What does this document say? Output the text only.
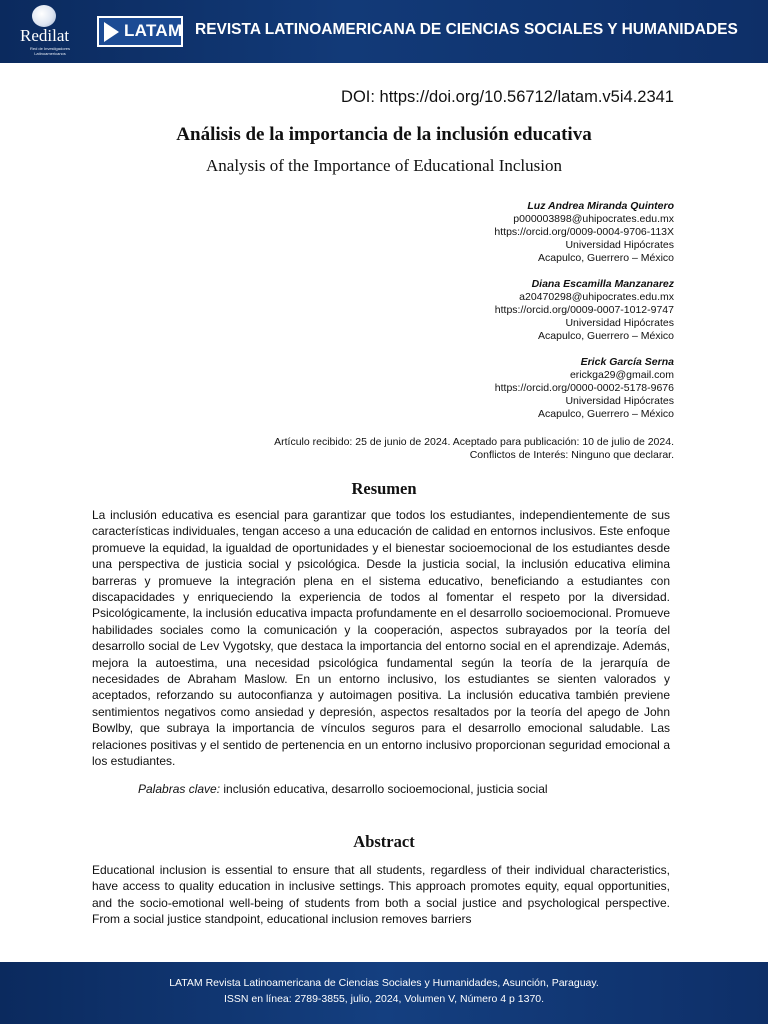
Redilat
Red de Investigadores Latinoamericanos
LATAM REVISTA LATINOAMERICANA DE CIENCIAS SOCIALES Y HUMANIDADES
DOI: https://doi.org/10.56712/latam.v5i4.2341
Análisis de la importancia de la inclusión educativa
Analysis of the Importance of Educational Inclusion
Luz Andrea Miranda Quintero
p000003898@uhipocrates.edu.mx
https://orcid.org/0009-0004-9706-113X
Universidad Hipócrates
Acapulco, Guerrero – México
Diana Escamilla Manzanarez
a20470298@uhipocrates.edu.mx
https://orcid.org/0009-0007-1012-9747
Universidad Hipócrates
Acapulco, Guerrero – México
Erick García Serna
erickga29@gmail.com
https://orcid.org/0000-0002-5178-9676
Universidad Hipócrates
Acapulco, Guerrero – México
Artículo recibido: 25 de junio de 2024. Aceptado para publicación: 10 de julio de 2024.
Conflictos de Interés: Ninguno que declarar.
Resumen
La inclusión educativa es esencial para garantizar que todos los estudiantes, independientemente de sus características individuales, tengan acceso a una educación de calidad en entornos inclusivos. Este enfoque promueve la equidad, la igualdad de oportunidades y el bienestar socioemocional de los estudiantes desde una perspectiva de justicia social y psicológica. Desde la justicia social, la inclusión educativa elimina barreras y promueve la integración plena en el sistema educativo, beneficiando a estudiantes con discapacidades y enriqueciendo la experiencia de todos al fomentar el respeto por la diversidad. Psicológicamente, la inclusión educativa impacta profundamente en el desarrollo socioemocional. Promueve habilidades sociales como la comunicación y la cooperación, aspectos subrayados por la teoría del desarrollo social de Lev Vygotsky, que destaca la importancia del entorno social en el aprendizaje. Además, mejora la autoestima, una necesidad psicológica fundamental según la teoría de la jerarquía de necesidades de Abraham Maslow. En un entorno inclusivo, los estudiantes se sienten valorados y aceptados, reforzando su autoconfianza y autoimagen positiva. La inclusión educativa también previene sentimientos negativos como ansiedad y depresión, aspectos resaltados por la teoría del apego de John Bowlby, que subraya la importancia de vínculos seguros para el desarrollo emocional saludable. Las relaciones positivas y el sentido de pertenencia en un entorno inclusivo proporcionan seguridad emocional a los estudiantes.
Palabras clave: inclusión educativa, desarrollo socioemocional, justicia social
Abstract
Educational inclusion is essential to ensure that all students, regardless of their individual characteristics, have access to quality education in inclusive settings. This approach promotes equity, equal opportunities, and the socio-emotional well-being of students from both a social justice and psychological perspective. From a social justice standpoint, educational inclusion removes barriers
LATAM Revista Latinoamericana de Ciencias Sociales y Humanidades, Asunción, Paraguay.
ISSN en línea: 2789-3855, julio, 2024, Volumen V, Número 4 p 1370.
